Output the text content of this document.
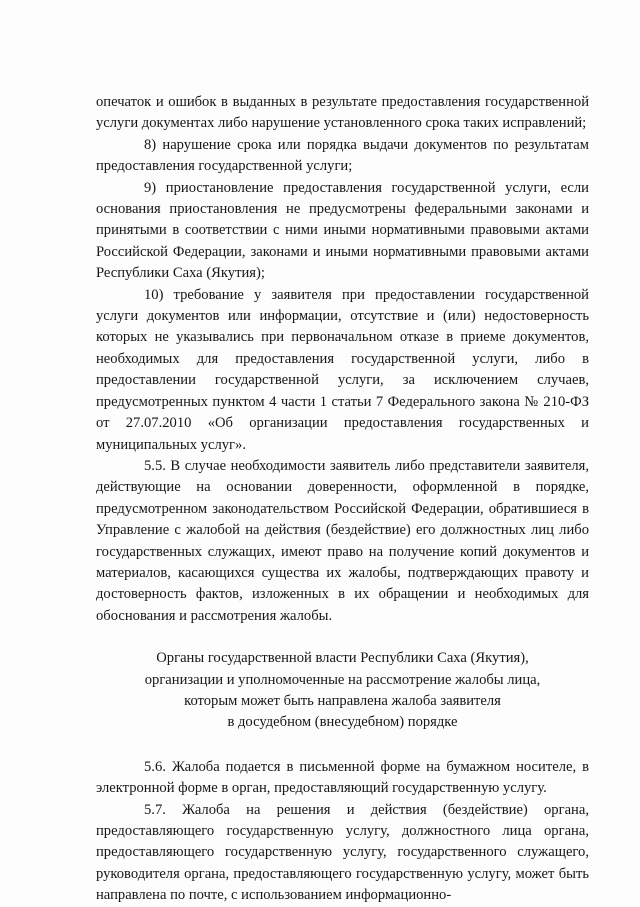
опечаток и ошибок в выданных в результате предоставления государственной услуги документах либо нарушение установленного срока таких исправлений;

8) нарушение срока или порядка выдачи документов по результатам предоставления государственной услуги;

9) приостановление предоставления государственной услуги, если основания приостановления не предусмотрены федеральными законами и принятыми в соответствии с ними иными нормативными правовыми актами Российской Федерации, законами и иными нормативными правовыми актами Республики Саха (Якутия);

10) требование у заявителя при предоставлении государственной услуги документов или информации, отсутствие и (или) недостоверность которых не указывались при первоначальном отказе в приеме документов, необходимых для предоставления государственной услуги, либо в предоставлении государственной услуги, за исключением случаев, предусмотренных пунктом 4 части 1 статьи 7 Федерального закона № 210-ФЗ от 27.07.2010 «Об организации предоставления государственных и муниципальных услуг».

5.5. В случае необходимости заявитель либо представители заявителя, действующие на основании доверенности, оформленной в порядке, предусмотренном законодательством Российской Федерации, обратившиеся в Управление с жалобой на действия (бездействие) его должностных лиц либо государственных служащих, имеют право на получение копий документов и материалов, касающихся существа их жалобы, подтверждающих правоту и достоверность фактов, изложенных в их обращении и необходимых для обоснования и рассмотрения жалобы.

Органы государственной власти Республики Саха (Якутия),
организации и уполномоченные на рассмотрение жалобы лица,
которым может быть направлена жалоба заявителя
в досудебном (внесудебном) порядке

5.6. Жалоба подается в письменной форме на бумажном носителе, в электронной форме в орган, предоставляющий государственную услугу.

5.7. Жалоба на решения и действия (бездействие) органа, предоставляющего государственную услугу, должностного лица органа, предоставляющего государственную услугу, государственного служащего, руководителя органа, предоставляющего государственную услугу, может быть направлена по почте, с использованием информационно-
